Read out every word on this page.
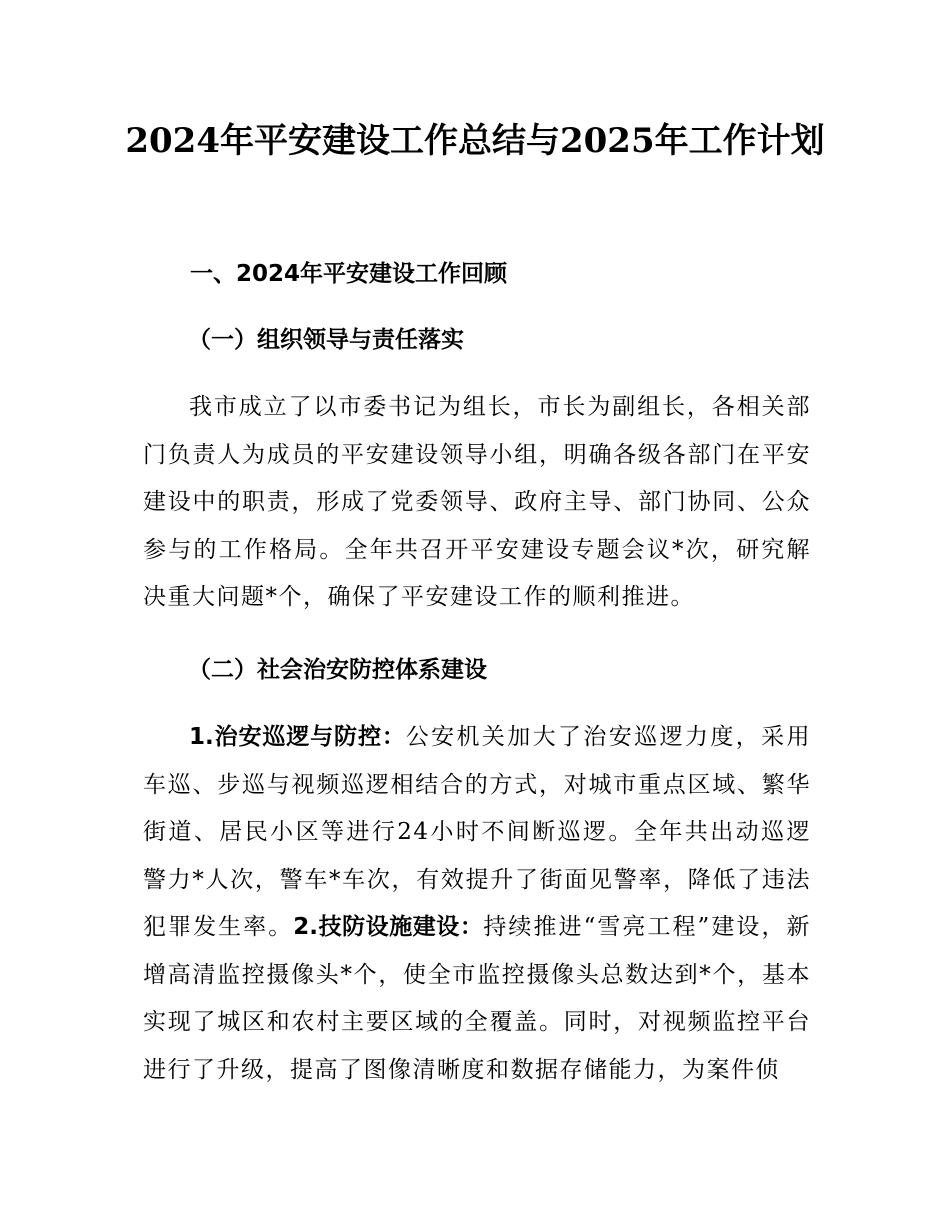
2024年平安建设工作总结与2025年工作计划
一、2024年平安建设工作回顾
（一）组织领导与责任落实

我市成立了以市委书记为组长，市长为副组长，各相关部门负责人为成员的平安建设领导小组，明确各级各部门在平安建设中的职责，形成了党委领导、政府主导、部门协同、公众参与的工作格局。全年共召开平安建设专题会议*次，研究解决重大问题*个，确保了平安建设工作的顺利推进。

（二）社会治安防控体系建设

1.治安巡逻与防控：公安机关加大了治安巡逻力度，采用车巡、步巡与视频巡逻相结合的方式，对城市重点区域、繁华街道、居民小区等进行24小时不间断巡逻。全年共出动巡逻警力*人次，警车*车次，有效提升了街面见警率，降低了违法犯罪发生率。2.技防设施建设：持续推进“雪亮工程”建设，新增高清监控摄像头*个，使全市监控摄像头总数达到*个，基本实现了城区和农村主要区域的全覆盖。同时，对视频监控平台进行了升级，提高了图像清晰度和数据存储能力，为案件侦
